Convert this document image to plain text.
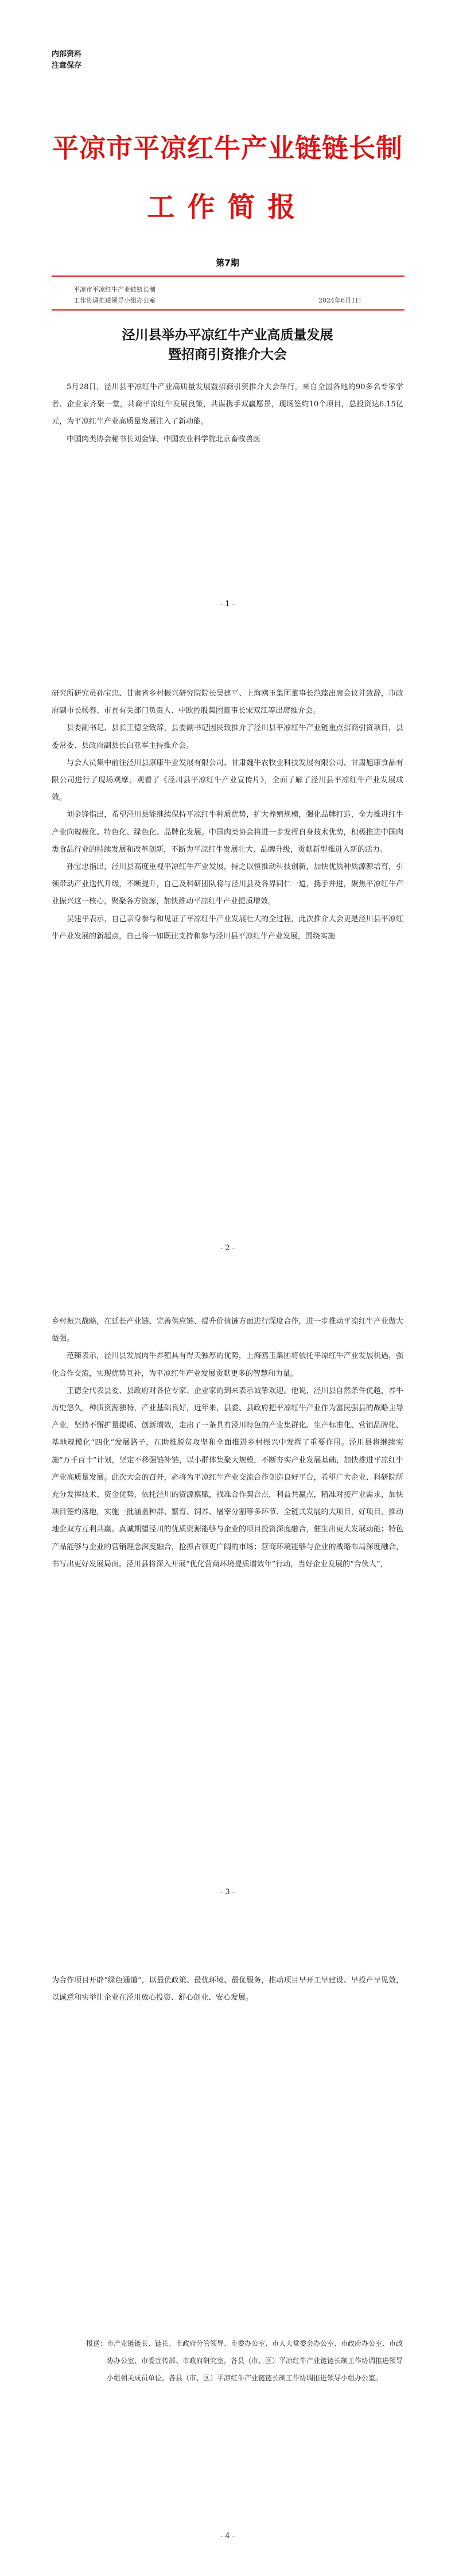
内部资料
注意保存
平凉市平凉红牛产业链链长制
工作简报
第7期
平凉市平凉红牛产业链链长制
工作协调推进领导小组办公室	2024年6月1日
泾川县举办平凉红牛产业高质量发展
暨招商引资推介大会

5月28日，泾川县平凉红牛产业高质量发展暨招商引资推介大会举行，来自全国各地的90多名专家学者、企业家齐聚一堂，共商平凉红牛发展良策，共谋携手双赢愿景，现场签约10个项目，总投资达6.15亿元，为平凉红牛产业高质量发展注入了新动能。

中国肉类协会秘书长刘金锋、中国农业科学院北京畜牧兽医

- 1 -

研究所研究员孙宝忠、甘肃省乡村振兴研究院院长吴建平、上海鸥玉集团董事长范臻出席会议并致辞，市政府副市长杨春、市直有关部门负责人、中欧控股集团董事长宋双江等出席推介会。

县委副书记、县长王德全致辞，县委副书记因民致推介了泾川县平凉红牛产业链重点招商引资项目，县委常委、县政府副县长白亚军主持推介会。

与会人员集中前往泾川县康康牛业发展有限公司、甘肃魏牛农牧业科技发展有限公司、甘肃旭康食品有限公司进行了现场观摩，观看了《泾川县平凉红牛产业宣传片》，全面了解了泾川县平凉红牛产业发展成效。

刘金锋指出，希望泾川县能继续保持平凉红牛种质优势，扩大养殖规模，强化品牌打造，全力推进红牛产业向规模化、特色化、绿色化、品牌化发展。中国肉类协会将进一步发挥自身技术优势，积极推进中国肉类食品行业的持续发展和改革创新，不断为平凉红牛发展壮大、品牌升级，贡献新型推进入新的活力。

孙宝忠指出，泾川县高度重视平凉红牛产业发展，持之以恒推动科技创新，加快优质种质源源培育，引领带动产业迭代升级，不断提升，自己及科研团队将与泾川县及各界同仁一道，携手并进，聚焦平凉红牛产业振兴这一核心，聚聚各方资源，加快推动平凉红牛产业提质增效。

吴建平表示，自己亲身参与和见证了平凉红牛产业发展壮大的全过程，此次推介大会更是泾川县平凉红牛产业发展的新起点，自己将一如既往支持和参与泾川县平凉红牛产业发展，围绕实施

- 2 -

乡村振兴战略，在延长产业链、完善供应链、提升价值链方面进行深度合作，进一步推动平凉红牛产业做大做强。

范臻表示，泾川县发展肉牛养殖具有得天独厚的优势，上海鸥玉集团将依托平凉红牛产业发展机遇，强化合作交流，实现优势互补，为平凉红牛产业发展贡献更多的智慧和力量。

王德全代表县委、县政府对各位专家、企业家的到来表示诚挚欢迎。他说，泾川县自然条件优越，养牛历史悠久，种质资源独特，产业基础良好，近年来，县委、县政府把平凉红牛产业作为富民强县的战略主导产业，坚持不懈扩量提质、创新增效，走出了一条具有泾川特色的产业集群化、生产标准化、营销品牌化、基地规模化“四化”发展路子，在助推脱贫攻坚和全面推进乡村振兴中发挥了重要作用。泾川县将继续实施“万千百十”计划，坚定不移强链补链，以小群体集聚大规模，不断夯实产业发展基础，加快推进平凉红牛产业高质量发展。此次大会的召开，必将为平凉红牛产业交流合作创造良好平台，希望广大企业、科研院所充分发挥技术、资金优势，依托泾川的资源禀赋，找准合作契合点，利益共赢点，精准对接产业需求，加快项目签约落地，实施一批涵盖种群、繁育、饲养、屠宰分割等多环节、全链式发展的大项目，好项目，推动地企双方互利共赢。真诚期望泾川的优质资源能够与企业的项目投资深度融合，催生出更大发展动能；特色产品能够与企业的营销理念深度融合，抢抓占领更广阔的市场；营商环境能够与企业的战略布局深度融合，书写出更好发展局面。泾川县将深入开展“优化营商环境提质增效年”行动，当好企业发展的“合伙人”，

- 3 -

为合作项目开辟“绿色通道”，以最优政策、最优环境、最优服务，推动项目早开工早建设、早投产早见效，以诚意和实举让企业在泾川放心投资、舒心创业、安心发展。

报送： 市产业链链长、链长、市政府分管领导、市委办公室、市人大常委会办公室、市政府办公室、市政协办公室、市委宣传部、市政府研究室，各县（市、区）平凉红牛产业链链长制工作协调推进领导小组相关成员单位。各县（市、区）平凉红牛产业链链长制工作协调推进领导小组办公室。
- 4 -
